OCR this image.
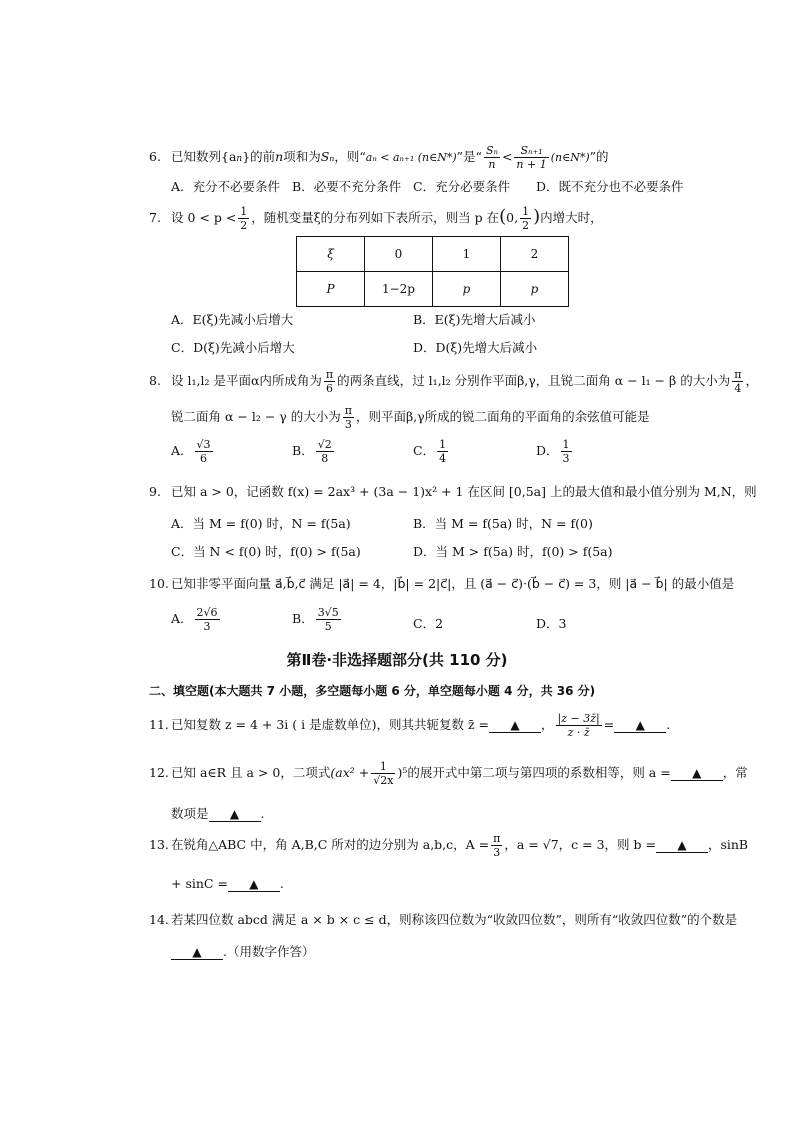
6. 已知数列{an}的前n项和为Sₙ，则“aₙ < aₙ₊₁ (n∈N*)”是“ $\frac{\text{Sₙ}}{n} < \frac{\text{Sₙ₊₁}}{n + 1}$ (n∈N*)”的
A．充分不必要条件 B．必要不充分条件 C．充分必要条件 D．既不充分也不必要条件
7. 设 $0 < p < \frac{1}{2}$ ，随机变量ξ的分布列如下表所示，则当 p 在(0, $\frac{1}{2}$ )内增大时，
ξ	0	1	2
P	1−2p	p	p
A．E(ξ)先减小后增大	B．E(ξ)先增大后减小
C．D(ξ)先减小后增大	D．D(ξ)先增大后减小
8. 设 l₁,l₂ 是平面α内所成角为 $\frac{\pi}{6}$ 的两条直线，过 l₁,l₂ 分别作平面β,γ，且锐二面角 α − l₁ − β 的大小为 $\frac{\pi}{4}$ ，
锐二面角 α − l₂ − γ 的大小为 $\frac{\pi}{3}$ ，则平面β,γ所成的锐二面角的平面角的余弦值可能是
A． $\frac{√3}{6}$	B． $\frac{√2}{8}$	C． $\frac{1}{4}$	D． $\frac{1}{3}$
9. 已知 a > 0，记函数 f(x) = 2ax³ + (3a − 1)x² + 1 在区间 [0,5a] 上的最大值和最小值分别为 M,N，则
A．当 M = f(0) 时，N = f(5a)	B．当 M = f(5a) 时，N = f(0)
C．当 N < f(0) 时，f(0) > f(5a)	D．当 M > f(5a) 时，f(0) > f(5a)
10. 已知非零平面向量 a⃗,b⃗,c⃗ 满足 |a⃗| = 4，|b⃗| = 2|c⃗|，且 (a⃗ − c⃗)·(b⃗ − c⃗) = 3，则 |a⃗ − b⃗| 的最小值是
A． $\frac{2√6}{3}$	B． $\frac{3√5}{5}$	C．2	D．3
第Ⅱ卷·非选择题部分(共 110 分)
二、填空题(本大题共 7 小题，多空题每小题 6 分，单空题每小题 4 分，共 36 分)
11. 已知复数 z = 4 + 3i ( i 是虚数单位)，则其共轭复数 z̄ = ▲ ， $\frac{|z - 3z̄|}{z \cdot z̄}$ = ▲ .
12. 已知 a∈R 且 a > 0，二项式$(ax^2 + \frac{1}{√2x} )^5$的展开式中第二项与第四项的系数相等，则 a = ▲ ，常
数项是 ▲ .
13. 在锐角△ABC 中，角 A,B,C 所对的边分别为 a,b,c，$A = \frac{\pi}{3}$ ，a = √7，c = 3，则 b = ▲ ，sinB
+ sinC = ▲ .
14. 若某四位数 abcd 满足 a × b × c ≤ d，则称该四位数为“收敛四位数”，则所有“收敛四位数”的个数是
▲ .（用数字作答）
